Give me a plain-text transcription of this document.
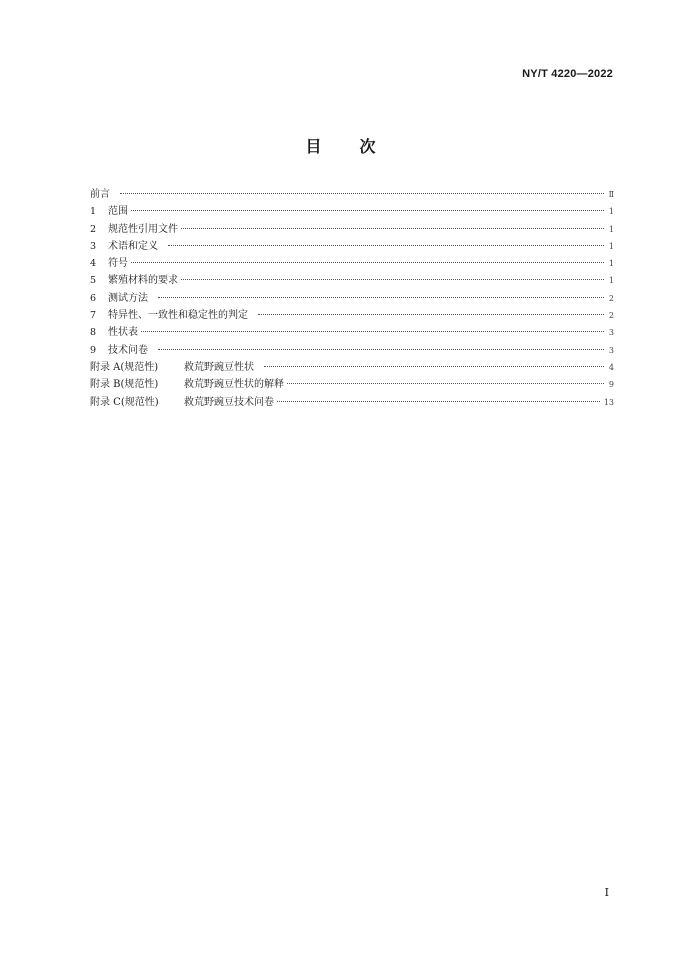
NY/T 4220—2022
目 次
前言	Ⅱ
1	范围	1
2	规范性引用文件	1
3	术语和定义	1
4	符号	1
5	繁殖材料的要求	1
6	测试方法	2
7	特异性、一致性和稳定性的判定	2
8	性状表	3
9	技术问卷	3
附录 A(规范性)	救荒野豌豆性状	4
附录 B(规范性)	救荒野豌豆性状的解释	9
附录 C(规范性)	救荒野豌豆技术问卷	13
Ⅰ
